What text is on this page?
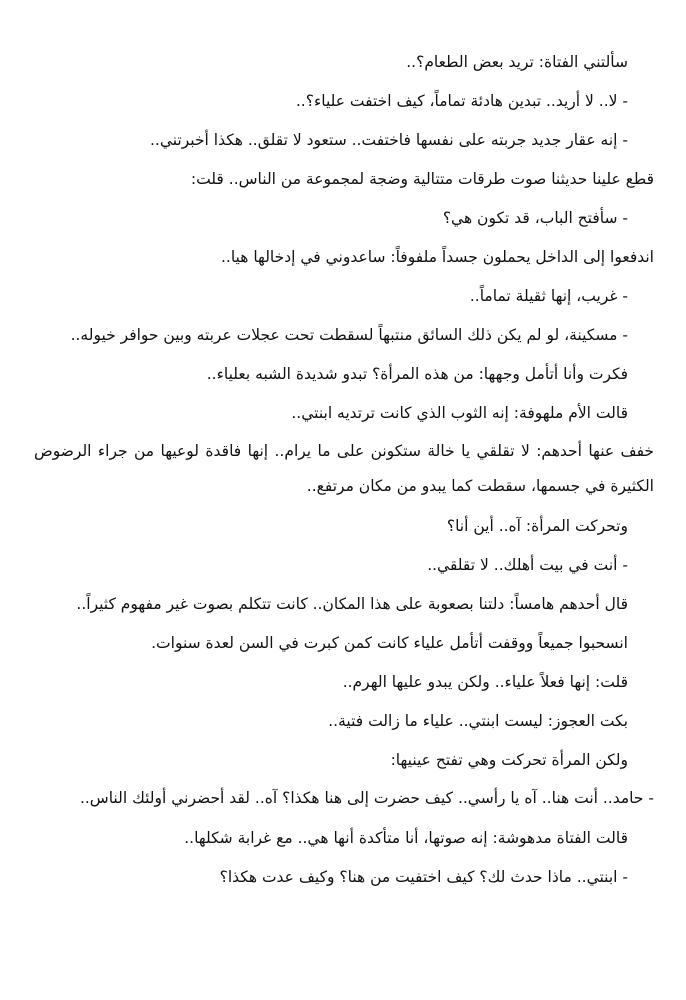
سألتني الفتاة: تريد بعض الطعام؟..

- لا.. لا أريد.. تبدين هادئة تماماً، كيف اختفت علياء؟..

- إنه عقار جديد جربته على نفسها فاختفت.. ستعود لا تقلق.. هكذا أخبرتني..

قطع علينا حديثنا صوت طرقات متتالية وضجة لمجموعة من الناس.. قلت:

- سأفتح الباب، قد تكون هي؟

اندفعوا إلى الداخل يحملون جسداً ملفوفاً: ساعدوني في إدخالها هيا..

- غريب، إنها ثقيلة تماماً..

- مسكينة، لو لم يكن ذلك السائق منتبهاً لسقطت تحت عجلات عربته وبين حوافر خيوله..

فكرت وأنا أتأمل وجهها: من هذه المرأة؟ تبدو شديدة الشبه بعلياء..

قالت الأم ملهوفة: إنه الثوب الذي كانت ترتديه ابنتي..

خفف عنها أحدهم: لا تقلقي يا خالة ستكونن على ما يرام.. إنها فاقدة لوعيها من جراء الرضوض الكثيرة في جسمها، سقطت كما يبدو من مكان مرتفع..

وتحركت المرأة: آه.. أين أنا؟

- أنت في بيت أهلك.. لا تقلقي..

قال أحدهم هامساً: دلتنا بصعوبة على هذا المكان.. كانت تتكلم بصوت غير مفهوم كثيراً..

انسحبوا جميعاً ووقفت أتأمل علياء كانت كمن كبرت في السن لعدة سنوات.

قلت: إنها فعلاً علياء.. ولكن يبدو عليها الهرم..

بكت العجوز: ليست ابنتي.. علياء ما زالت فتية..

ولكن المرأة تحركت وهي تفتح عينيها:

- حامد.. أنت هنا.. آه يا رأسي.. كيف حضرت إلى هنا هكذا؟ آه.. لقد أحضرني أولئك الناس..

قالت الفتاة مدهوشة: إنه صوتها، أنا متأكدة أنها هي.. مع غرابة شكلها..

- ابنتي.. ماذا حدث لك؟ كيف اختفيت من هنا؟ وكيف عدت هكذا؟
